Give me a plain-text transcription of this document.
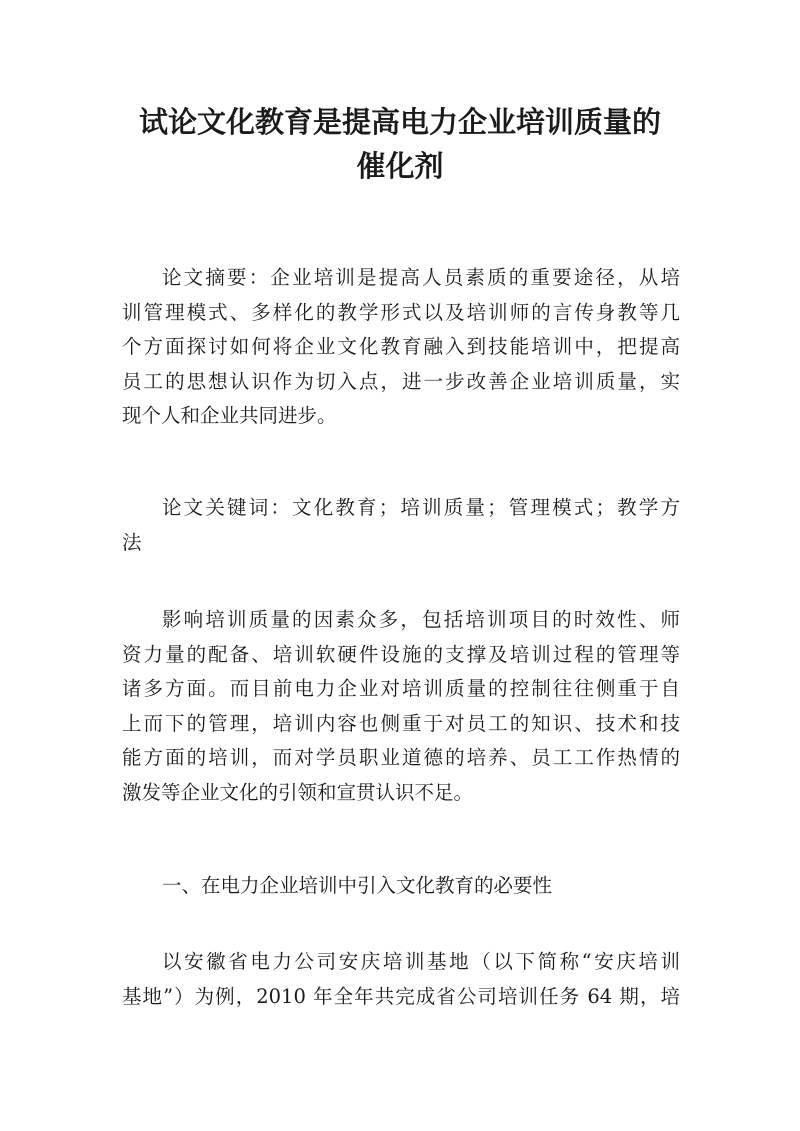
试论文化教育是提高电力企业培训质量的
催化剂
论文摘要：企业培训是提高人员素质的重要途径，从培
训管理模式、多样化的教学形式以及培训师的言传身教等几
个方面探讨如何将企业文化教育融入到技能培训中，把提高
员工的思想认识作为切入点，进一步改善企业培训质量，实
现个人和企业共同进步。
论文关键词：文化教育；培训质量；管理模式；教学方
法
影响培训质量的因素众多，包括培训项目的时效性、师
资力量的配备、培训软硬件设施的支撑及培训过程的管理等
诸多方面。而目前电力企业对培训质量的控制往往侧重于自
上而下的管理，培训内容也侧重于对员工的知识、技术和技
能方面的培训，而对学员职业道德的培养、员工工作热情的
激发等企业文化的引领和宣贯认识不足。
一、在电力企业培训中引入文化教育的必要性
以安徽省电力公司安庆培训基地（以下简称“安庆培训
基地”）为例，2010 年全年共完成省公司培训任务 64 期，培
